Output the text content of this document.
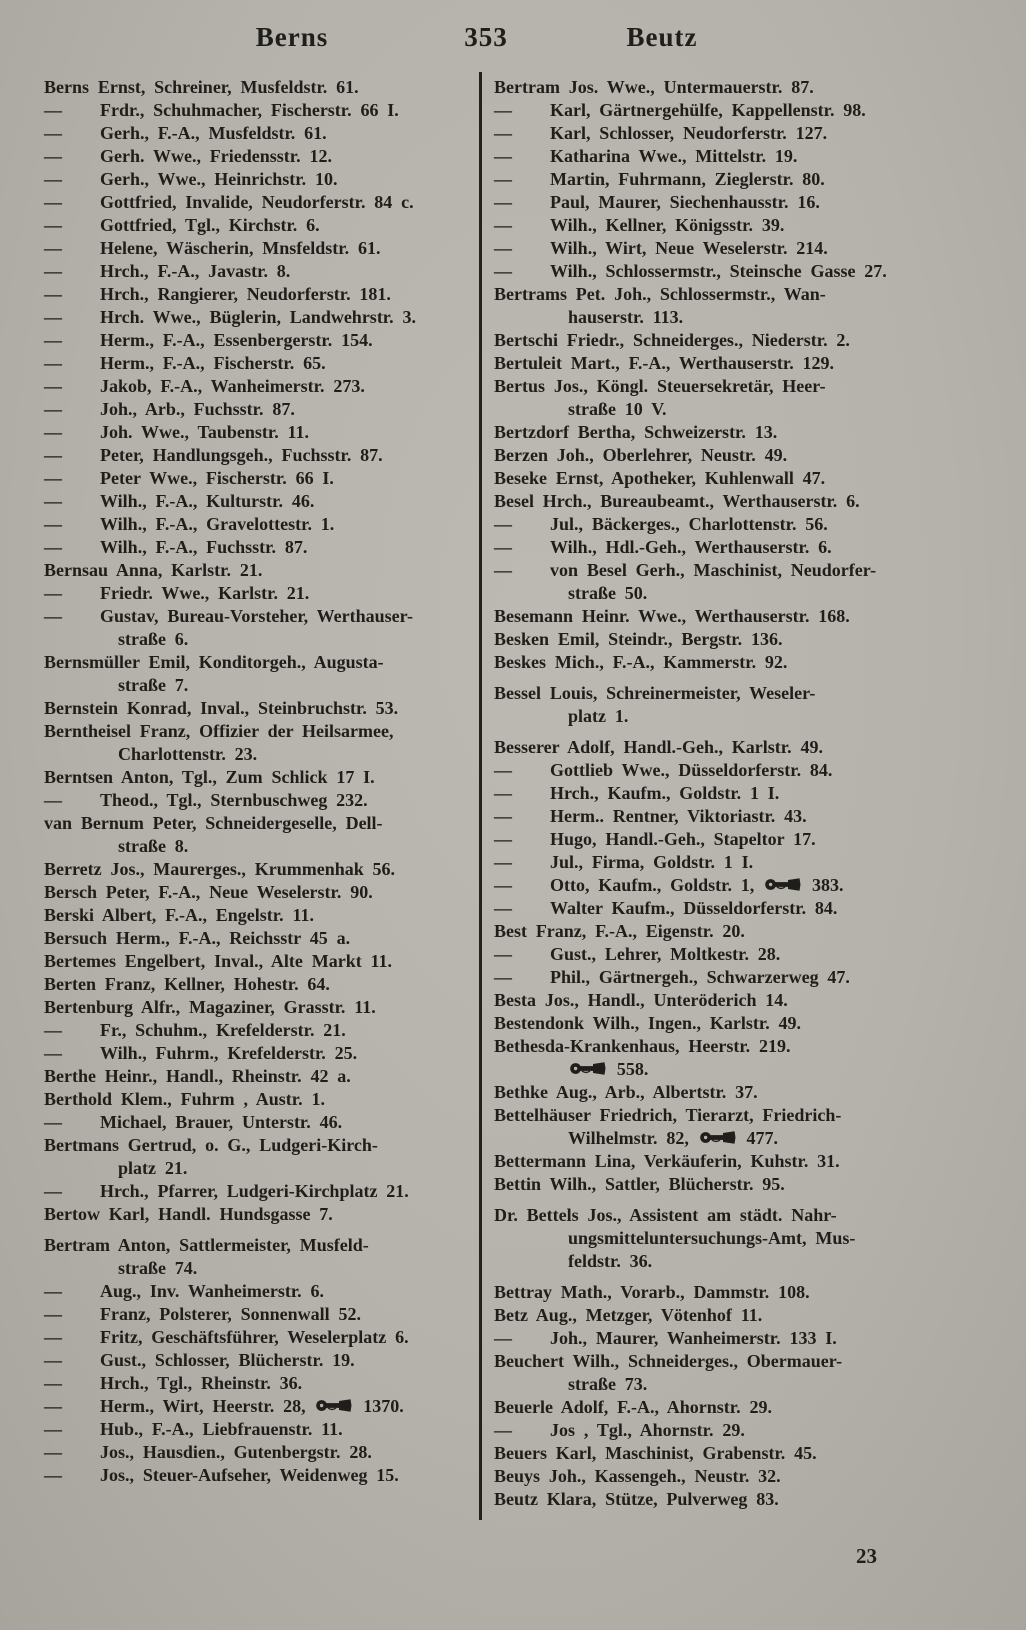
Berns	353	Beutz
Berns Ernst, Schreiner, Musfeldstr. 61.
— Frdr., Schuhmacher, Fischerstr. 66 I.
— Gerh., F.-A., Musfeldstr. 61.
— Gerh. Wwe., Friedensstr. 12.
— Gerh., Wwe., Heinrichstr. 10.
— Gottfried, Invalide, Neudorferstr. 84 c.
— Gottfried, Tgl., Kirchstr. 6.
— Helene, Wäscherin, Mnsfeldstr. 61.
— Hrch., F.-A., Javastr. 8.
— Hrch., Rangierer, Neudorferstr. 181.
— Hrch. Wwe., Büglerin, Landwehrstr. 3.
— Herm., F.-A., Essenbergerstr. 154.
— Herm., F.-A., Fischerstr. 65.
— Jakob, F.-A., Wanheimerstr. 273.
— Joh., Arb., Fuchsstr. 87.
— Joh. Wwe., Taubenstr. 11.
— Peter, Handlungsgeh., Fuchsstr. 87.
— Peter Wwe., Fischerstr. 66 I.
— Wilh., F.-A., Kulturstr. 46.
— Wilh., F.-A., Gravelottestr. 1.
— Wilh., F.-A., Fuchsstr. 87.
Bernsau Anna, Karlstr. 21.
— Friedr. Wwe., Karlstr. 21.
— Gustav, Bureau-Vorsteher, Werthauser-
straße 6.
Bernsmüller Emil, Konditorgeh., Augusta-
straße 7.
Bernstein Konrad, Inval., Steinbruchstr. 53.
Berntheisel Franz, Offizier der Heilsarmee,
Charlottenstr. 23.
Berntsen Anton, Tgl., Zum Schlick 17 I.
— Theod., Tgl., Sternbuschweg 232.
van Bernum Peter, Schneidergeselle, Dell-
straße 8.
Berretz Jos., Maurerges., Krummenhak 56.
Bersch Peter, F.-A., Neue Weselerstr. 90.
Berski Albert, F.-A., Engelstr. 11.
Bersuch Herm., F.-A., Reichsstr 45 a.
Bertemes Engelbert, Inval., Alte Markt 11.
Berten Franz, Kellner, Hohestr. 64.
Bertenburg Alfr., Magaziner, Grasstr. 11.
— Fr., Schuhm., Krefelderstr. 21.
— Wilh., Fuhrm., Krefelderstr. 25.
Berthe Heinr., Handl., Rheinstr. 42 a.
Berthold Klem., Fuhrm , Austr. 1.
— Michael, Brauer, Unterstr. 46.
Bertmans Gertrud, o. G., Ludgeri-Kirch-
platz 21.
— Hrch., Pfarrer, Ludgeri-Kirchplatz 21.
Bertow Karl, Handl. Hundsgasse 7.
Bertram Anton, Sattlermeister, Musfeld-
straße 74.
— Aug., Inv. Wanheimerstr. 6.
— Franz, Polsterer, Sonnenwall 52.
— Fritz, Geschäftsführer, Weselerplatz 6.
— Gust., Schlosser, Blücherstr. 19.
— Hrch., Tgl., Rheinstr. 36.
— Herm., Wirt, Heerstr. 28,	1370.
— Hub., F.-A., Liebfrauenstr. 11.
— Jos., Hausdien., Gutenbergstr. 28.
— Jos., Steuer-Aufseher, Weidenweg 15.
Bertram Jos. Wwe., Untermauerstr. 87.
— Karl, Gärtnergehülfe, Kappellenstr. 98.
— Karl, Schlosser, Neudorferstr. 127.
— Katharina Wwe., Mittelstr. 19.
— Martin, Fuhrmann, Zieglerstr. 80.
— Paul, Maurer, Siechenhausstr. 16.
— Wilh., Kellner, Königsstr. 39.
— Wilh., Wirt, Neue Weselerstr. 214.
— Wilh., Schlossermstr., Steinsche Gasse 27.
Bertrams Pet. Joh., Schlossermstr., Wan-
hauserstr. 113.
Bertschi Friedr., Schneiderges., Niederstr. 2.
Bertuleit Mart., F.-A., Werthauserstr. 129.
Bertus Jos., Köngl. Steuersekretär, Heer-
straße 10 V.
Bertzdorf Bertha, Schweizerstr. 13.
Berzen Joh., Oberlehrer, Neustr. 49.
Beseke Ernst, Apotheker, Kuhlenwall 47.
Besel Hrch., Bureaubeamt., Werthauserstr. 6.
— Jul., Bäckerges., Charlottenstr. 56.
— Wilh., Hdl.-Geh., Werthauserstr. 6.
— von Besel Gerh., Maschinist, Neudorfer-
straße 50.
Besemann Heinr. Wwe., Werthauserstr. 168.
Besken Emil, Steindr., Bergstr. 136.
Beskes Mich., F.-A., Kammerstr. 92.
Bessel Louis, Schreinermeister, Weseler-
platz 1.
Besserer Adolf, Handl.-Geh., Karlstr. 49.
— Gottlieb Wwe., Düsseldorferstr. 84.
— Hrch., Kaufm., Goldstr. 1 I.
— Herm.. Rentner, Viktoriastr. 43.
— Hugo, Handl.-Geh., Stapeltor 17.
— Jul., Firma, Goldstr. 1 I.
— Otto, Kaufm., Goldstr. 1,	383.
— Walter Kaufm., Düsseldorferstr. 84.
Best Franz, F.-A., Eigenstr. 20.
— Gust., Lehrer, Moltkestr. 28.
— Phil., Gärtnergeh., Schwarzerweg 47.
Besta Jos., Handl., Unteröderich 14.
Bestendonk Wilh., Ingen., Karlstr. 49.
Bethesda-Krankenhaus, Heerstr. 219.

558.
Bethke Aug., Arb., Albertstr. 37.
Bettelhäuser Friedrich, Tierarzt, Friedrich-
Wilhelmstr. 82,	477.
Bettermann Lina, Verkäuferin, Kuhstr. 31.
Bettin Wilh., Sattler, Blücherstr. 95.
Dr. Bettels Jos., Assistent am städt. Nahr-
ungsmitteluntersuchungs-Amt, Mus-
feldstr. 36.
Bettray Math., Vorarb., Dammstr. 108.
Betz Aug., Metzger, Vötenhof 11.
— Joh., Maurer, Wanheimerstr. 133 I.
Beuchert Wilh., Schneiderges., Obermauer-
straße 73.
Beuerle Adolf, F.-A., Ahornstr. 29.
— Jos , Tgl., Ahornstr. 29.
Beuers Karl, Maschinist, Grabenstr. 45.
Beuys Joh., Kassengeh., Neustr. 32.
Beutz Klara, Stütze, Pulverweg 83.
23
